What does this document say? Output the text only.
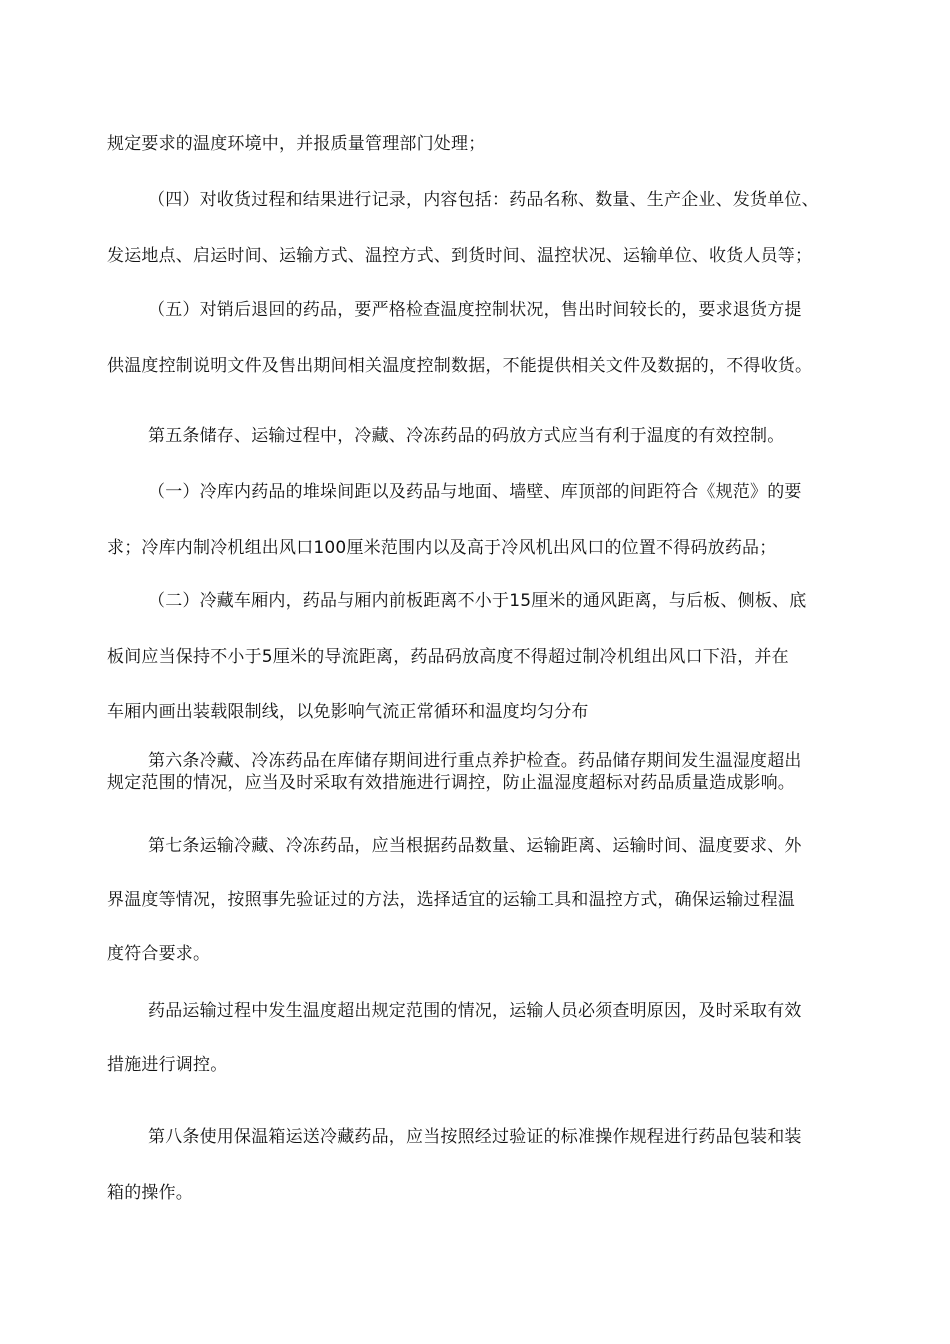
规定要求的温度环境中，并报质量管理部门处理；

（四）对收货过程和结果进行记录，内容包括：药品名称、数量、生产企业、发货单位、

发运地点、启运时间、运输方式、温控方式、到货时间、温控状况、运输单位、收货人员等；

（五）对销后退回的药品，要严格检查温度控制状况，售出时间较长的，要求退货方提

供温度控制说明文件及售出期间相关温度控制数据，不能提供相关文件及数据的，不得收货。

第五条储存、运输过程中，冷藏、冷冻药品的码放方式应当有利于温度的有效控制。

（一）冷库内药品的堆垛间距以及药品与地面、墙壁、库顶部的间距符合《规范》的要

求；冷库内制冷机组出风口100厘米范围内以及高于冷风机出风口的位置不得码放药品；

（二）冷藏车厢内，药品与厢内前板距离不小于15厘米的通风距离，与后板、侧板、底

板间应当保持不小于5厘米的导流距离，药品码放高度不得超过制冷机组出风口下沿，并在

车厢内画出装载限制线，以免影响气流正常循环和温度均匀分布

第六条冷藏、冷冻药品在库储存期间进行重点养护检查。药品储存期间发生温湿度超出

规定范围的情况，应当及时采取有效措施进行调控，防止温湿度超标对药品质量造成影响。

第七条运输冷藏、冷冻药品，应当根据药品数量、运输距离、运输时间、温度要求、外

界温度等情况，按照事先验证过的方法，选择适宜的运输工具和温控方式，确保运输过程温

度符合要求。

药品运输过程中发生温度超出规定范围的情况，运输人员必须查明原因，及时采取有效

措施进行调控。

第八条使用保温箱运送冷藏药品，应当按照经过验证的标准操作规程进行药品包装和装

箱的操作。
